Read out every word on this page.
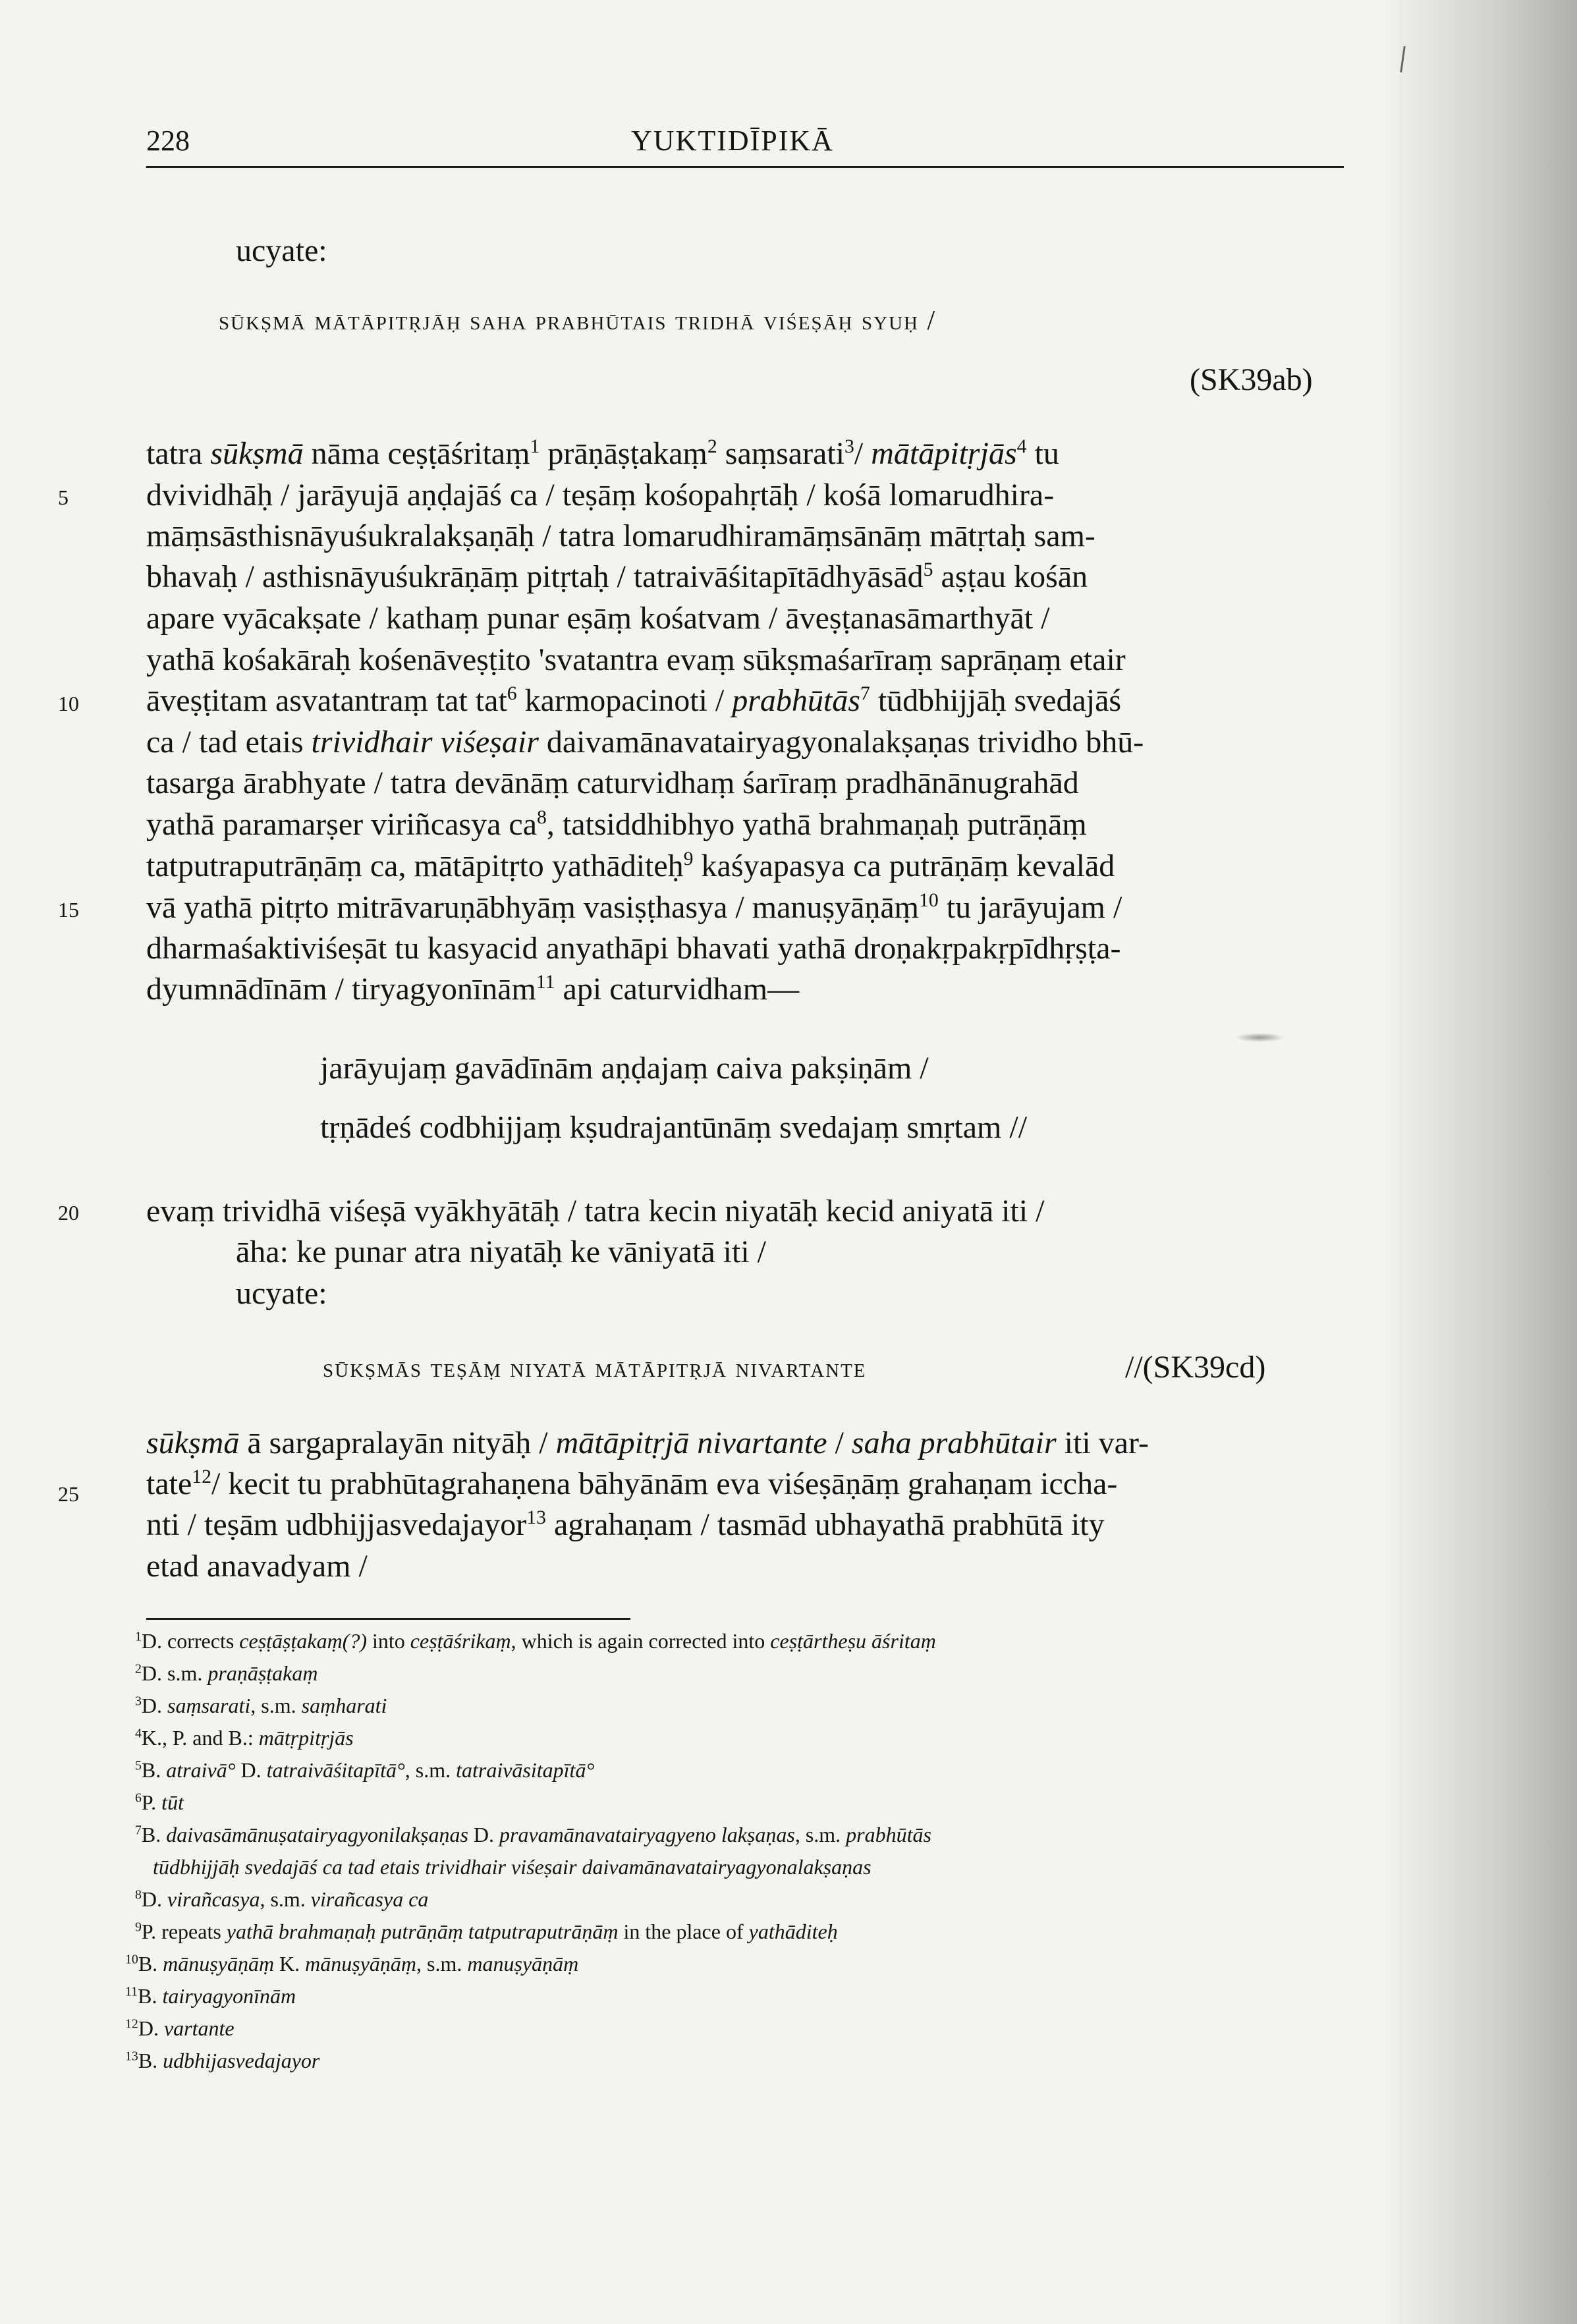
228	YUKTIDĪPIKĀ
5
10
15
20
25
ucyate:
sūkṣmā mātāpitṛjāḥ saha prabhūtais tridhā viśeṣāḥ syuḥ /
(SK39ab)
tatra sūkṣmā nāma ceṣṭāśritaṃ$^1$ prāṇāṣṭakaṃ$^2$ saṃsarati$^3$/ mātāpitṛjās$^4$ tu
dvividhāḥ / jarāyujā aṇḍajāś ca / teṣāṃ kośopahṛtāḥ / kośā lomarudhira-
māṃsāsthisnāyuśukralakṣaṇāḥ / tatra lomarudhiramāṃsānāṃ mātṛtaḥ sam-
bhavaḥ / asthisnāyuśukrāṇāṃ pitṛtaḥ / tatraivāśitapītādhyāsād$^5$ aṣṭau kośān
apare vyācakṣate / kathaṃ punar eṣāṃ kośatvam / āveṣṭanasāmarthyāt /
yathā kośakāraḥ kośenāveṣṭito 'svatantra evaṃ sūkṣmaśarīraṃ saprāṇaṃ etair
āveṣṭitam asvatantraṃ tat tat$^6$ karmopacinoti / prabhūtās$^7$ tūdbhijjāḥ svedajāś
ca / tad etais trividhair viśeṣair daivamānavatairyagyonalakṣaṇas trividho bhū-
tasarga ārabhyate / tatra devānāṃ caturvidhaṃ śarīraṃ pradhānānugrahād
yathā paramarṣer viriñcasya $ca^8$, tatsiddhibhyo yathā brahmaṇaḥ putrāṇāṃ
tatputraputrāṇāṃ ca, mātāpitṛto yathāditeḥ$^9$ kaśyapasya ca putrāṇāṃ kevalād
vā yathā pitṛto mitrāvaruṇābhyāṃ vasiṣṭhasya / manuṣyāṇāṃ$^{10}$ tu jarāyujam /
dharmaśaktiviśeṣāt tu kasyacid anyathāpi bhavati yathā droṇakṛpakṛpīdhṛṣṭa-
dyumnādīnām / tiryagyonīnām$^{11}$ api caturvidham—
jarāyujaṃ gavādīnām aṇḍajaṃ caiva pakṣiṇām /
tṛṇādeś codbhijjaṃ kṣudrajantūnāṃ svedajaṃ smṛtam //
evaṃ trividhā viśeṣā vyākhyātāḥ / tatra kecin niyatāḥ kecid aniyatā iti /
āha: ke punar atra niyatāḥ ke vāniyatā iti /
ucyate:
sūkṣmās teṣāṃ niyatā mātāpitṛjā nivartante	//(SK39cd)
sūkṣmā ā sargapralayān nityāḥ / mātāpitṛjā nivartante / saha prabhūtair iti var-
tate$^{12}$/ kecit tu prabhūtagrahaṇena bāhyānām eva viśeṣāṇāṃ grahaṇam iccha-
nti / teṣām udbhijjasvedajayor$^{13}$ agrahaṇam / tasmād ubhayathā prabhūtā ity
etad anavadyam /
$^1$D. corrects ceṣṭāṣṭakaṃ(?) into ceṣṭāśrikaṃ, which is again corrected into ceṣṭārtheṣu āśritaṃ
$^2$D. s.m. praṇāṣṭakaṃ
$^3$D. saṃsarati, s.m. saṃharati
$^4$K., P. and B.: mātṛpitṛjās
$^5$B. atraivā° D. tatraivāśitapītā°, s.m. tatraivāsitapītā°
$^6$P. tūt
$^7$B. daivasāmānuṣatairyagyonilakṣaṇas D. pravamānavatairyagyeno lakṣaṇas, s.m. prabhūtās
tūdbhijjāḥ svedajāś ca tad etais trividhair viśeṣair daivamānavatairyagyonalakṣaṇas
$^8$D. virañcasya, s.m. virañcasya ca
$^9$P. repeats yathā brahmaṇaḥ putrāṇāṃ tatputraputrāṇāṃ in the place of yathāditeḥ
$^{10}$B. mānuṣyāṇāṃ K. mānuṣyāṇāṃ, s.m. manuṣyāṇāṃ
$^{11}$B. tairyagyonīnām
$^{12}$D. vartante
$^{13}$B. udbhijasvedajayor
